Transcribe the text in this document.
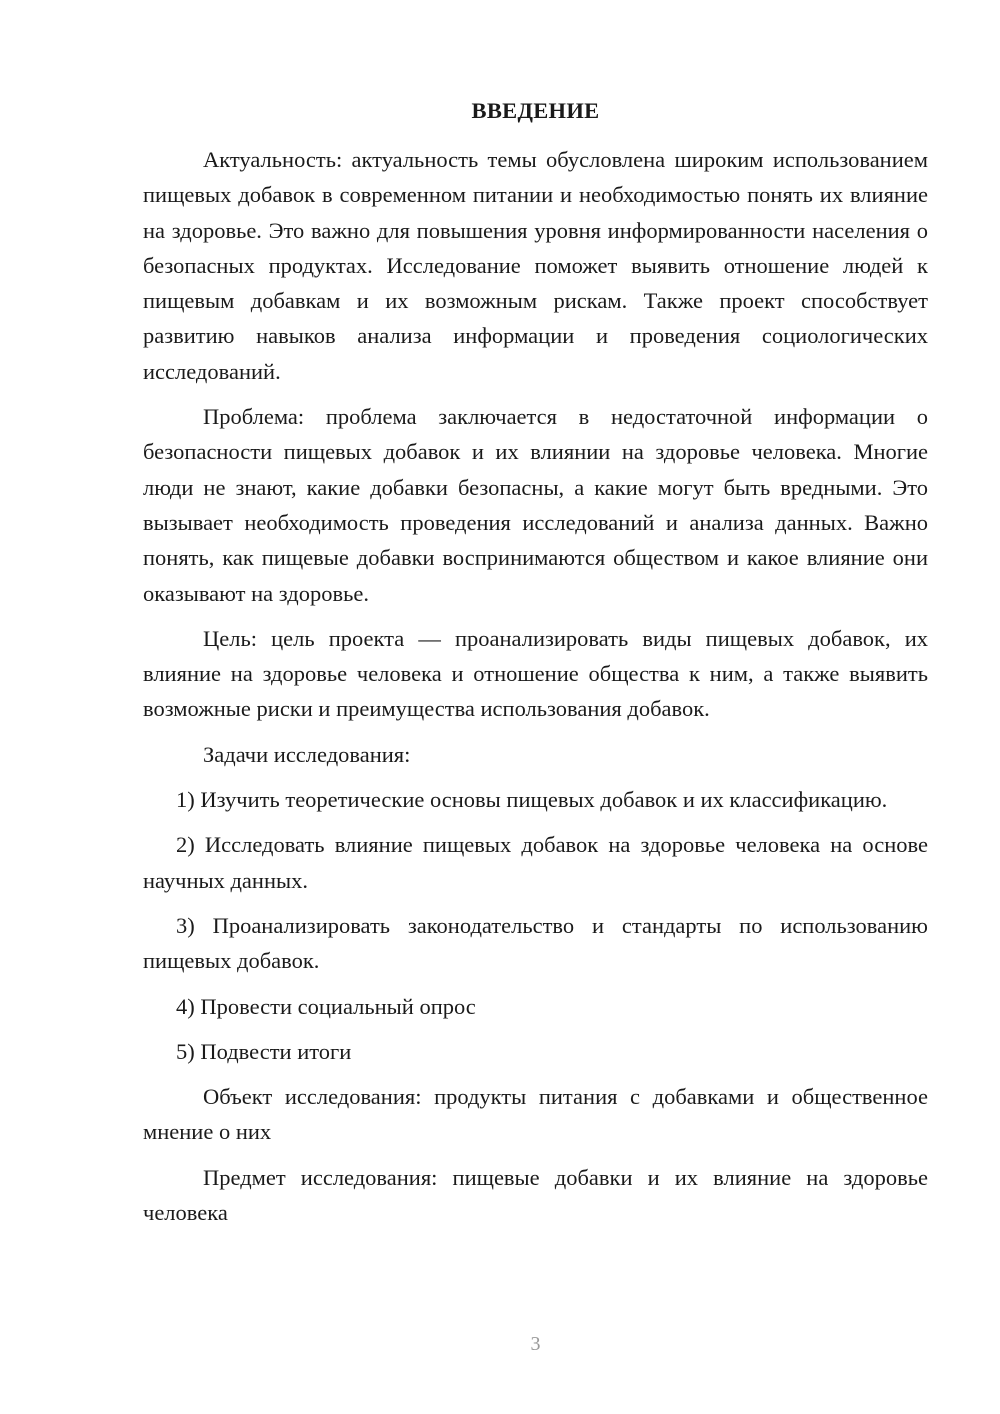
ВВЕДЕНИЕ

Актуальность: актуальность темы обусловлена широким использованием пищевых добавок в современном питании и необходимостью понять их влияние на здоровье. Это важно для повышения уровня информированности населения о безопасных продуктах. Исследование поможет выявить отношение людей к пищевым добавкам и их возможным рискам. Также проект способствует развитию навыков анализа информации и проведения социологических исследований.

Проблема: проблема заключается в недостаточной информации о безопасности пищевых добавок и их влиянии на здоровье человека. Многие люди не знают, какие добавки безопасны, а какие могут быть вредными. Это вызывает необходимость проведения исследований и анализа данных. Важно понять, как пищевые добавки воспринимаются обществом и какое влияние они оказывают на здоровье.

Цель: цель проекта — проанализировать виды пищевых добавок, их влияние на здоровье человека и отношение общества к ним, а также выявить возможные риски и преимущества использования добавок.

Задачи исследования:

1) Изучить теоретические основы пищевых добавок и их классификацию.

2) Исследовать влияние пищевых добавок на здоровье человека на основе научных данных.

3) Проанализировать законодательство и стандарты по использованию пищевых добавок.

4) Провести социальный опрос

5) Подвести итоги

Объект исследования: продукты питания с добавками и общественное мнение о них

Предмет исследования: пищевые добавки и их влияние на здоровье человека

3
